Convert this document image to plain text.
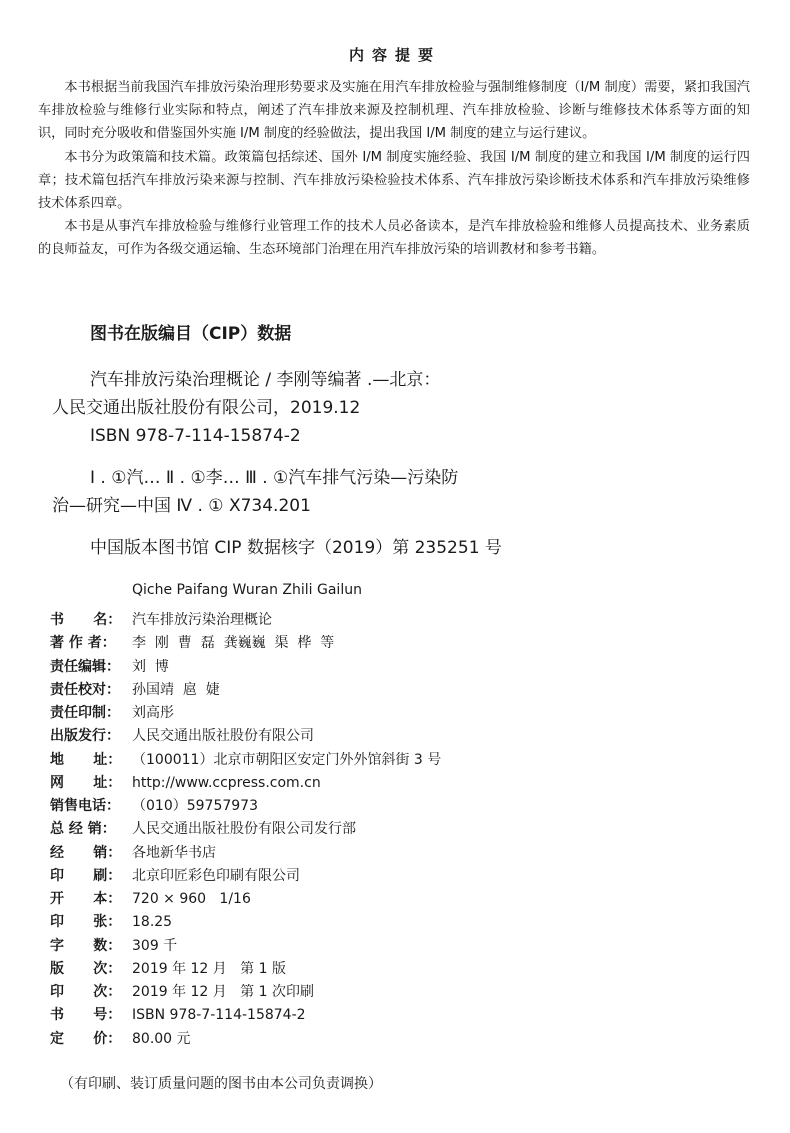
内容提要

本书根据当前我国汽车排放污染治理形势要求及实施在用汽车排放检验与强制维修制度（I/M 制度）需要，紧扣我国汽车排放检验与维修行业实际和特点，阐述了汽车排放来源及控制机理、汽车排放检验、诊断与维修技术体系等方面的知识，同时充分吸收和借鉴国外实施 I/M 制度的经验做法，提出我国 I/M 制度的建立与运行建议。

本书分为政策篇和技术篇。政策篇包括综述、国外 I/M 制度实施经验、我国 I/M 制度的建立和我国 I/M 制度的运行四章；技术篇包括汽车排放污染来源与控制、汽车排放污染检验技术体系、汽车排放污染诊断技术体系和汽车排放污染维修技术体系四章。

本书是从事汽车排放检验与维修行业管理工作的技术人员必备读本，是汽车排放检验和维修人员提高技术、业务素质的良师益友，可作为各级交通运输、生态环境部门治理在用汽车排放污染的培训教材和参考书籍。

图书在版编目（CIP）数据
汽车排放污染治理概论 / 李刚等编著 .—北京：
人民交通出版社股份有限公司，2019.12
ISBN 978-7-114-15874-2
Ⅰ . ①汽… Ⅱ . ①李… Ⅲ . ①汽车排气污染—污染防
治—研究—中国 Ⅳ . ① X734.201
中国版本图书馆 CIP 数据核字（2019）第 235251 号
Qiche Paifang Wuran Zhili Gailun
书      名： 汽车排放污染治理概论
著 作 者：	李  刚  曹  磊  龚巍巍  渠  桦  等
责任编辑： 刘  博
责任校对： 孙国靖  扈  婕
责任印制： 刘高彤
出版发行： 人民交通出版社股份有限公司
地      址： （100011）北京市朝阳区安定门外外馆斜街 3 号
网      址： http://www.ccpress.com.cn
销售电话： （010）59757973
总 经 销：	人民交通出版社股份有限公司发行部
经      销： 各地新华书店
印      刷： 北京印匠彩色印刷有限公司
开      本： 720 × 960   1/16
印      张： 18.25
字      数： 309 千
版      次： 2019 年 12 月   第 1 版
印      次： 2019 年 12 月   第 1 次印刷
书      号： ISBN 978-7-114-15874-2
定      价： 80.00 元
（有印刷、装订质量问题的图书由本公司负责调换）
